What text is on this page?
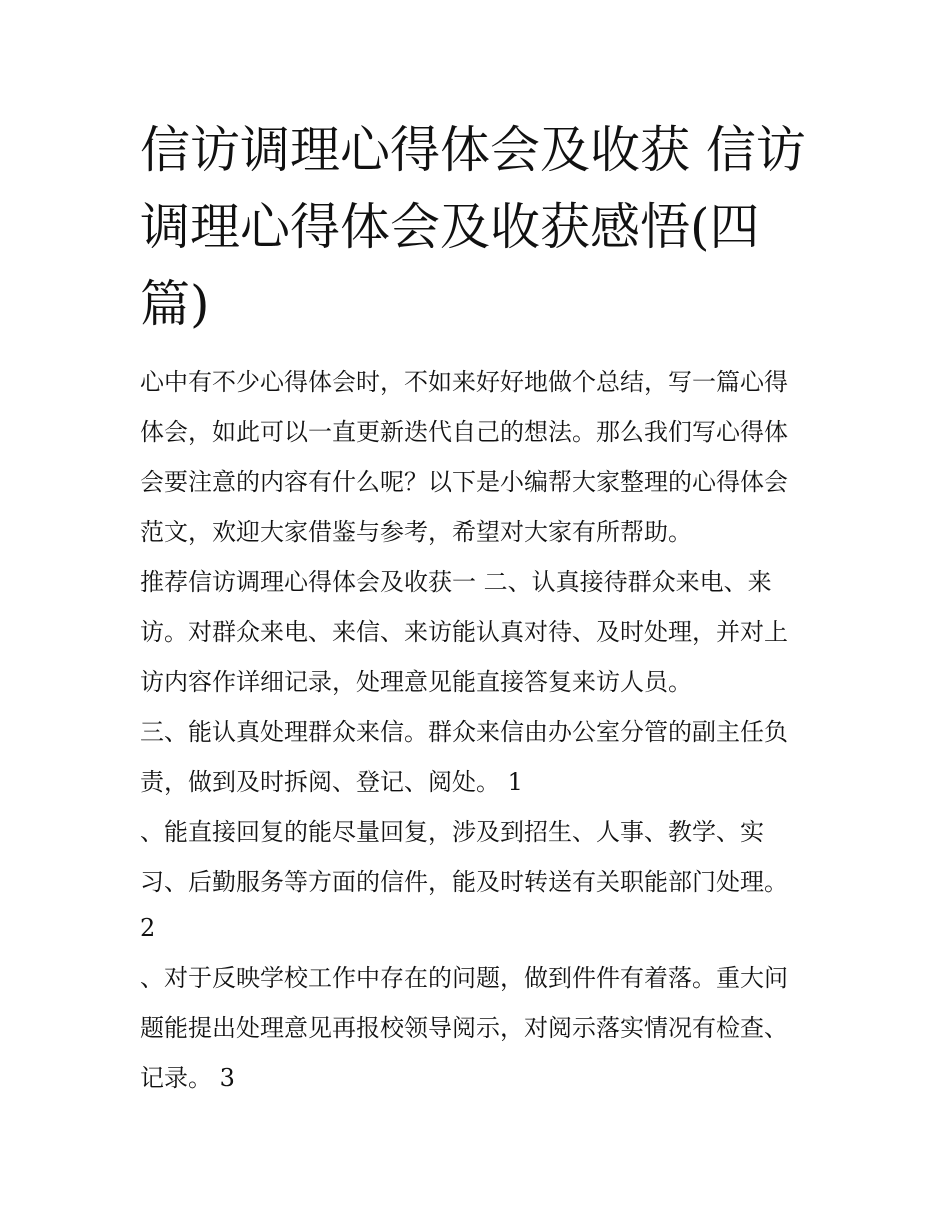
信访调理心得体会及收获 信访
调理心得体会及收获感悟(四
篇)
心中有不少心得体会时，不如来好好地做个总结，写一篇心得
体会，如此可以一直更新迭代自己的想法。那么我们写心得体
会要注意的内容有什么呢？以下是小编帮大家整理的心得体会
范文，欢迎大家借鉴与参考，希望对大家有所帮助。
推荐信访调理心得体会及收获一 二、认真接待群众来电、来
访。对群众来电、来信、来访能认真对待、及时处理，并对上
访内容作详细记录，处理意见能直接答复来访人员。
三、能认真处理群众来信。群众来信由办公室分管的副主任负
责，做到及时拆阅、登记、阅处。 1
、能直接回复的能尽量回复，涉及到招生、人事、教学、实
习、后勤服务等方面的信件，能及时转送有关职能部门处理。
2
、对于反映学校工作中存在的问题，做到件件有着落。重大问
题能提出处理意见再报校领导阅示，对阅示落实情况有检查、
记录。 3
